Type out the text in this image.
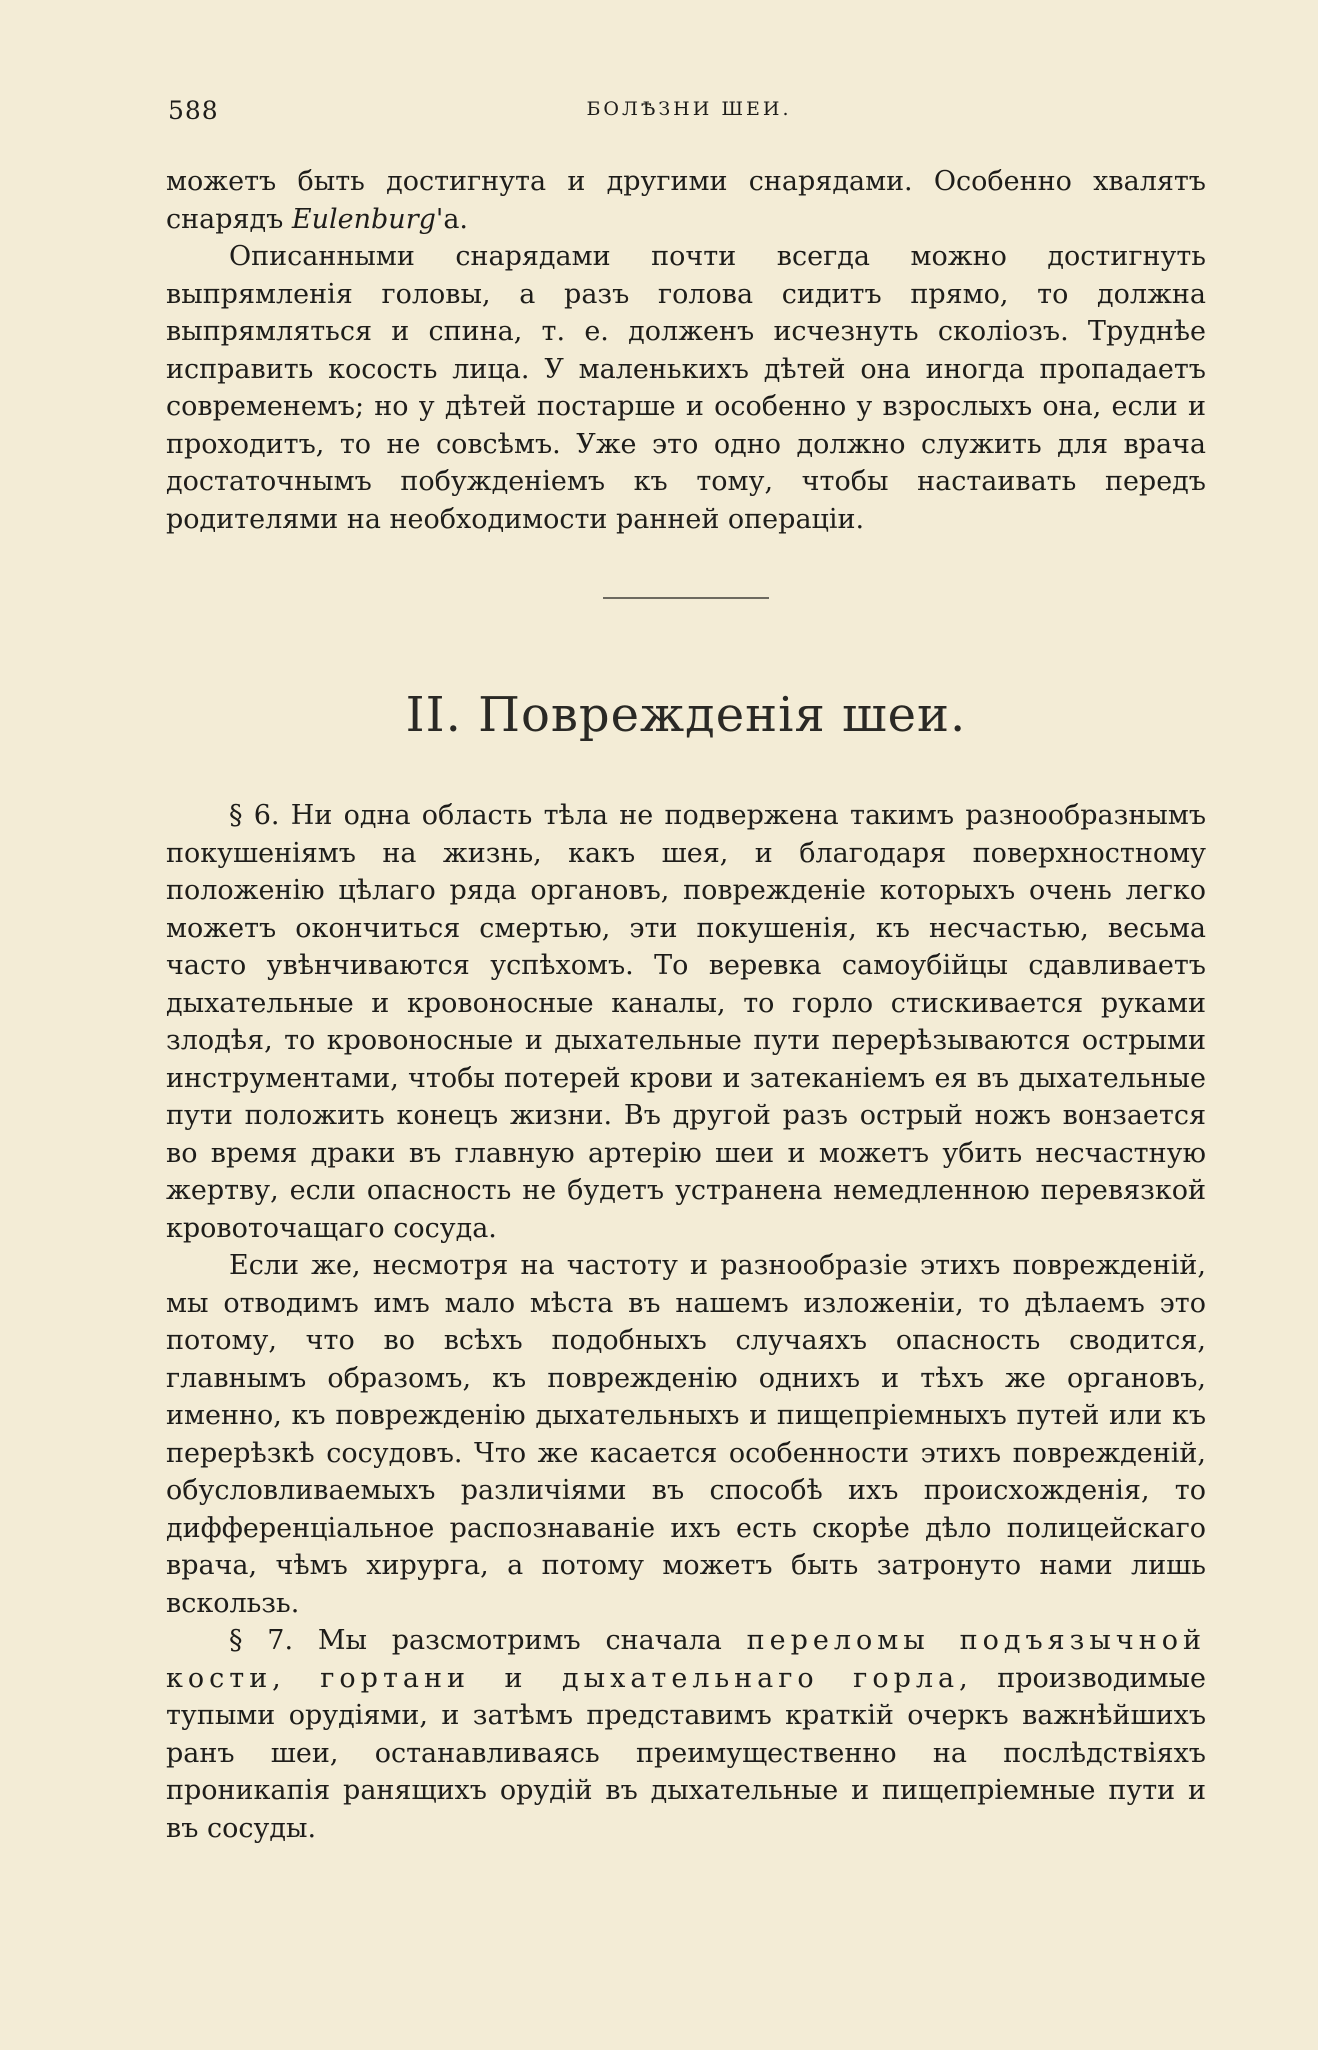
588	БОЛѢЗНИ ШЕИ.

можетъ быть достигнута и другими снарядами. Особенно хвалятъ снарядъ Eulenburg'а.

Описанными снарядами почти всегда можно достигнуть выпрямленія головы, а разъ голова сидитъ прямо, то должна выпрямляться и спина, т. е. долженъ исчезнуть сколіозъ. Труднѣе исправить косость лица. У маленькихъ дѣтей она иногда пропадаетъ современемъ; но у дѣтей постарше и особенно у взрослыхъ она, если и проходитъ, то не совсѣмъ. Уже это одно должно служить для врача достаточнымъ побужденіемъ къ тому, чтобы настаивать передъ родителями на необходимости ранней операціи.

II. Поврежденія шеи.

§ 6. Ни одна область тѣла не подвержена такимъ разнообразнымъ покушеніямъ на жизнь, какъ шея, и благодаря поверхностному положенію цѣлаго ряда органовъ, поврежденіе которыхъ очень легко можетъ окончиться смертью, эти покушенія, къ несчастью, весьма часто увѣнчиваются успѣхомъ. То веревка самоубійцы сдавливаетъ дыхательные и кровоносные каналы, то горло стискивается руками злодѣя, то кровоносные и дыхательные пути перерѣзываются острыми инструментами, чтобы потерей крови и затеканіемъ ея въ дыхательные пути положить конецъ жизни. Въ другой разъ острый ножъ вонзается во время драки въ главную артерію шеи и можетъ убить несчастную жертву, если опасность не будетъ устранена немедленною перевязкой кровоточащаго сосуда.

Если же, несмотря на частоту и разнообразіе этихъ поврежденій, мы отводимъ имъ мало мѣста въ нашемъ изложеніи, то дѣлаемъ это потому, что во всѣхъ подобныхъ случаяхъ опасность сводится, главнымъ образомъ, къ поврежденію однихъ и тѣхъ же органовъ, именно, къ поврежденію дыхательныхъ и пищепріемныхъ путей или къ перерѣзкѣ сосудовъ. Что же касается особенности этихъ поврежденій, обусловливаемыхъ различіями въ способѣ ихъ происхожденія, то дифференціальное распознаваніе ихъ есть скорѣе дѣло полицейскаго врача, чѣмъ хирурга, а потому можетъ быть затронуто нами лишь вскользь.

§ 7. Мы разсмотримъ сначала переломы подъязычной кости, гортани и дыхательнаго горла, производимые тупыми орудіями, и затѣмъ представимъ краткій очеркъ важнѣйшихъ ранъ шеи, останавливаясь преимущественно на послѣдствіяхъ проникапія ранящихъ орудій въ дыхательные и пищепріемные пути и въ сосуды.
